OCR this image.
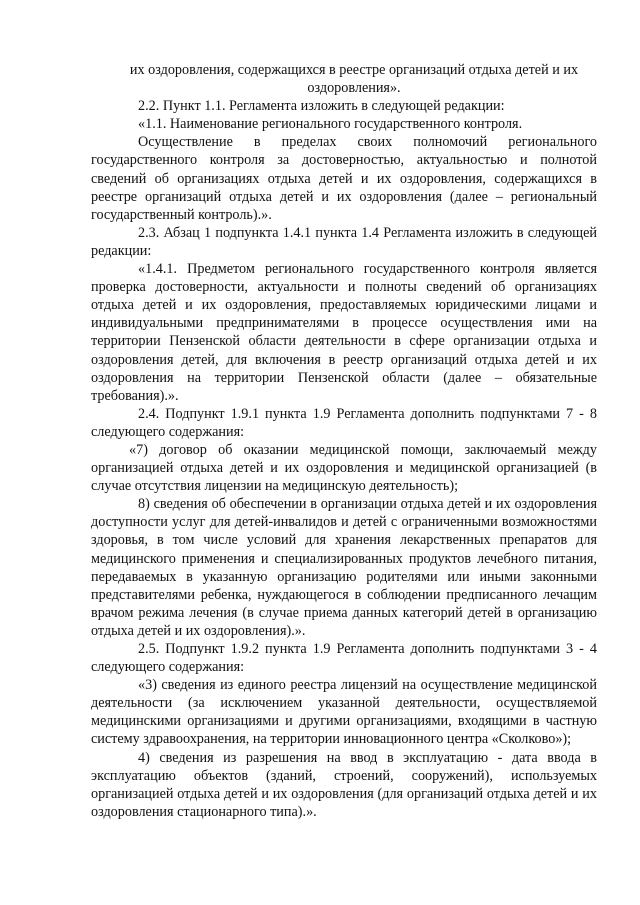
их оздоровления, содержащихся в реестре организаций отдыха детей и их оздоровления».

2.2. Пункт 1.1. Регламента изложить в следующей редакции:

«1.1. Наименование регионального государственного контроля.

Осуществление в пределах своих полномочий регионального государственного контроля за достоверностью, актуальностью и полнотой сведений об организациях отдыха детей и их оздоровления, содержащихся в реестре организаций отдыха детей и их оздоровления (далее – региональный государственный контроль).».

2.3. Абзац 1 подпункта 1.4.1 пункта 1.4 Регламента изложить в следующей редакции:

«1.4.1. Предметом регионального государственного контроля является проверка достоверности, актуальности и полноты сведений об организациях отдыха детей и их оздоровления, предоставляемых юридическими лицами и индивидуальными предпринимателями в процессе осуществления ими на территории Пензенской области деятельности в сфере организации отдыха и оздоровления детей, для включения в реестр организаций отдыха детей и их оздоровления на территории Пензенской области (далее – обязательные требования).».

2.4. Подпункт 1.9.1 пункта 1.9 Регламента дополнить подпунктами 7 - 8 следующего содержания:

«7) договор об оказании медицинской помощи, заключаемый между организацией отдыха детей и их оздоровления и медицинской организацией (в случае отсутствия лицензии на медицинскую деятельность);

8) сведения об обеспечении в организации отдыха детей и их оздоровления доступности услуг для детей-инвалидов и детей с ограниченными возможностями здоровья, в том числе условий для хранения лекарственных препаратов для медицинского применения и специализированных продуктов лечебного питания, передаваемых в указанную организацию родителями или иными законными представителями ребенка, нуждающегося в соблюдении предписанного лечащим врачом режима лечения (в случае приема данных категорий детей в организацию отдыха детей и их оздоровления).».

2.5. Подпункт 1.9.2 пункта 1.9 Регламента дополнить подпунктами 3 - 4 следующего содержания:

«3) сведения из единого реестра лицензий на осуществление медицинской деятельности (за исключением указанной деятельности, осуществляемой медицинскими организациями и другими организациями, входящими в частную систему здравоохранения, на территории инновационного центра «Сколково»);

4) сведения из разрешения на ввод в эксплуатацию - дата ввода в эксплуатацию объектов (зданий, строений, сооружений), используемых организацией отдыха детей и их оздоровления (для организаций отдыха детей и их оздоровления стационарного типа).».
